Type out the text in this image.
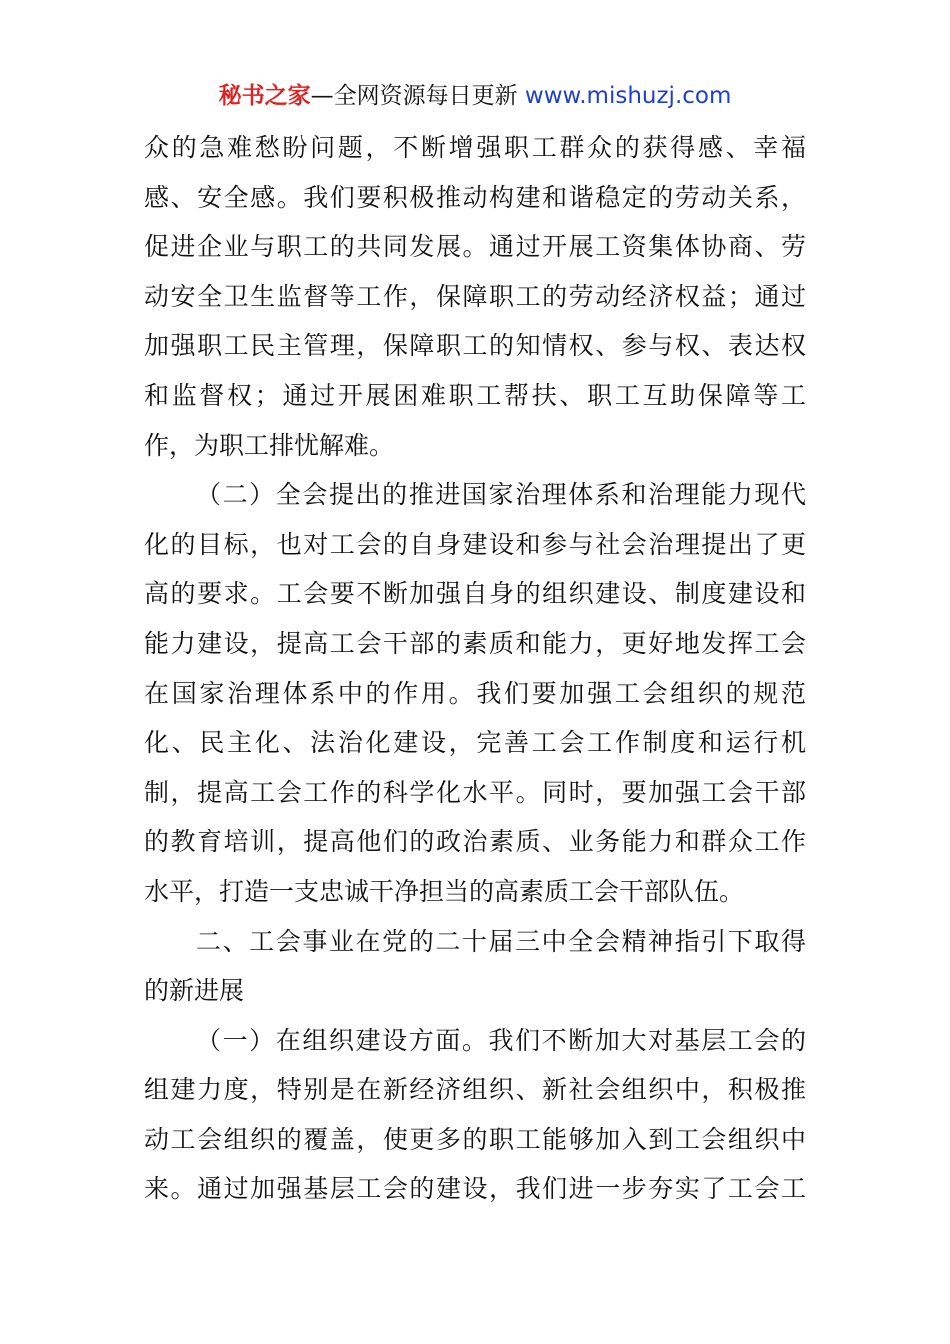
秘书之家—全网资源每日更新 www.mishuzj.com
众的急难愁盼问题，不断增强职工群众的获得感、幸福
感、安全感。我们要积极推动构建和谐稳定的劳动关系，
促进企业与职工的共同发展。通过开展工资集体协商、劳
动安全卫生监督等工作，保障职工的劳动经济权益；通过
加强职工民主管理，保障职工的知情权、参与权、表达权
和监督权；通过开展困难职工帮扶、职工互助保障等工
作，为职工排忧解难。
（二）全会提出的推进国家治理体系和治理能力现代
化的目标，也对工会的自身建设和参与社会治理提出了更
高的要求。工会要不断加强自身的组织建设、制度建设和
能力建设，提高工会干部的素质和能力，更好地发挥工会
在国家治理体系中的作用。我们要加强工会组织的规范
化、民主化、法治化建设，完善工会工作制度和运行机
制，提高工会工作的科学化水平。同时，要加强工会干部
的教育培训，提高他们的政治素质、业务能力和群众工作
水平，打造一支忠诚干净担当的高素质工会干部队伍。
二、工会事业在党的二十届三中全会精神指引下取得
的新进展
（一）在组织建设方面。我们不断加大对基层工会的
组建力度，特别是在新经济组织、新社会组织中，积极推
动工会组织的覆盖，使更多的职工能够加入到工会组织中
来。通过加强基层工会的建设，我们进一步夯实了工会工
